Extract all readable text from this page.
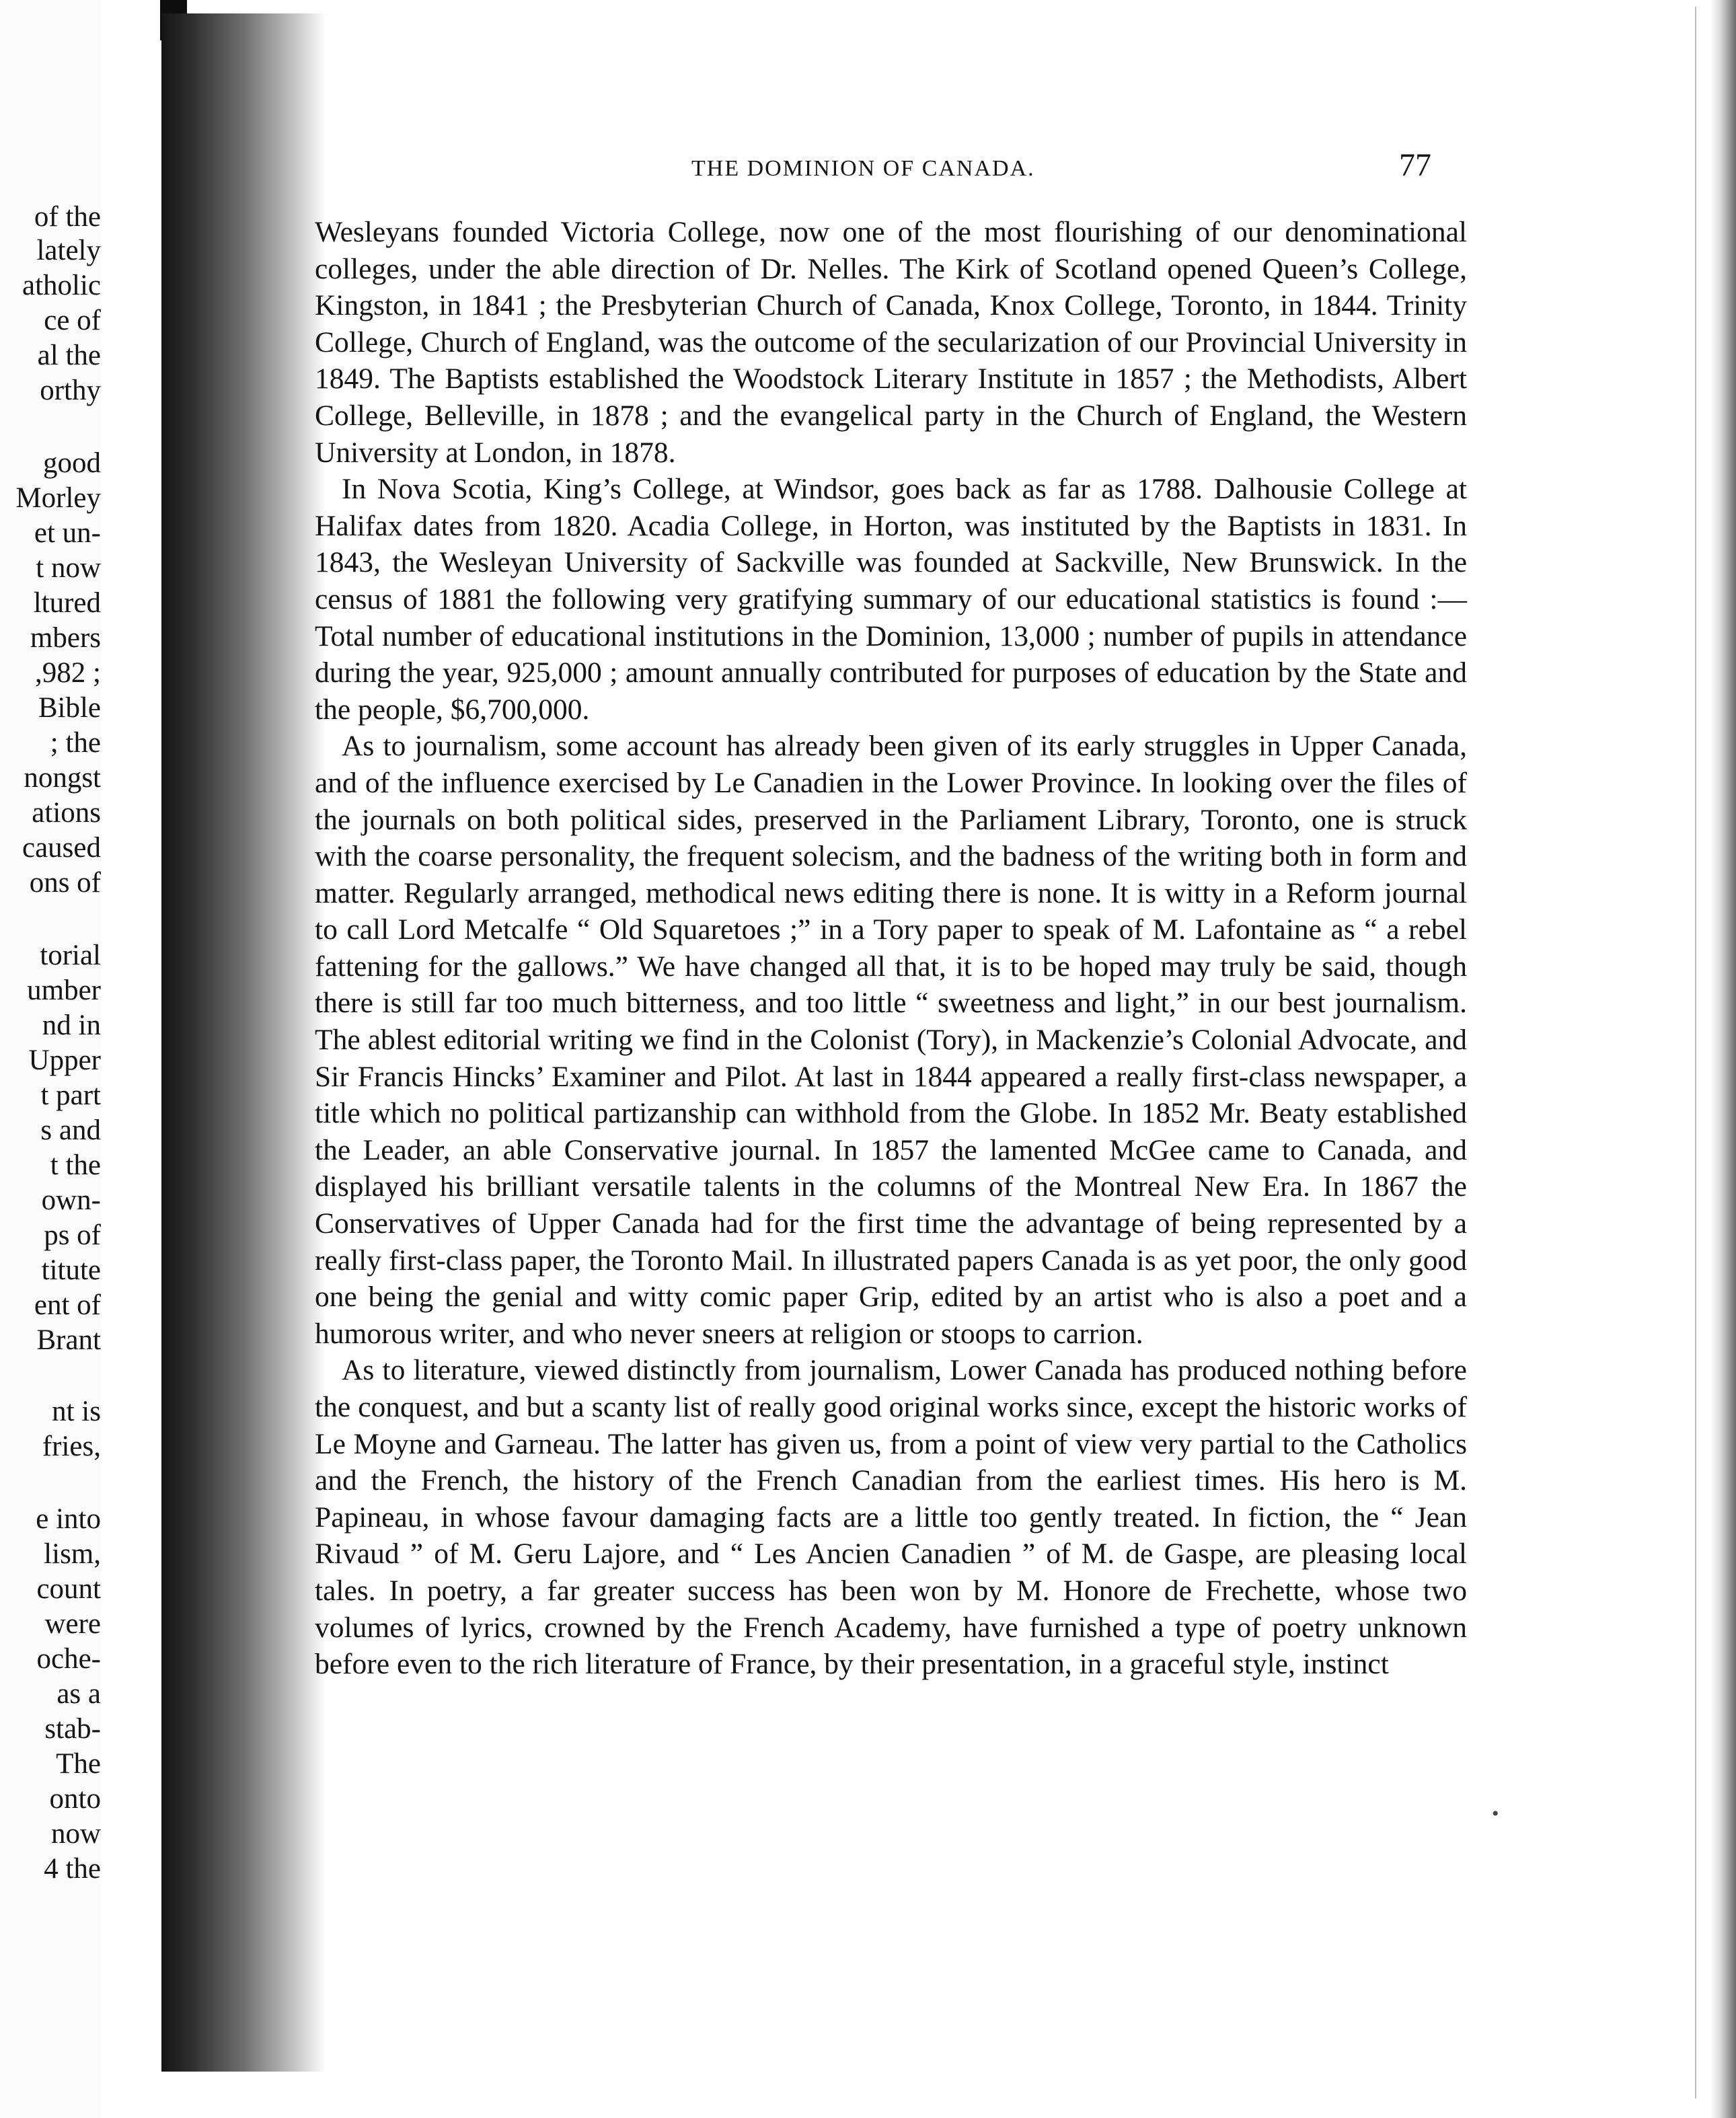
of the
lately
atholic
ce of
al the
orthy
good
Morley
et un-
t now
ltured
mbers
,982 ;
Bible
; the
nongst
ations
caused
ons of
torial
umber
nd in
Upper
t part
s and
t the
own-
ps of
titute
ent of
Brant
nt is
fries,
e into
lism,
count
were
oche-
as a
stab-
The
onto
now
4 the
THE DOMINION OF CANADA.	77

Wesleyans founded Victoria College, now one of the most flourishing of our denominational colleges, under the able direction of Dr. Nelles. The Kirk of Scotland opened Queen’s College, Kingston, in 1841 ; the Presbyterian Church of Canada, Knox College, Toronto, in 1844. Trinity College, Church of England, was the outcome of the secularization of our Provincial University in 1849. The Baptists established the Woodstock Literary Institute in 1857 ; the Methodists, Albert College, Belleville, in 1878 ; and the evangelical party in the Church of England, the Western University at London, in 1878.

In Nova Scotia, King’s College, at Windsor, goes back as far as 1788. Dalhousie College at Halifax dates from 1820. Acadia College, in Horton, was instituted by the Baptists in 1831. In 1843, the Wesleyan University of Sackville was founded at Sackville, New Brunswick. In the census of 1881 the following very gratifying summary of our educational statistics is found :— Total number of educational institutions in the Dominion, 13,000 ; number of pupils in attendance during the year, 925,000 ; amount annually contributed for purposes of education by the State and the people, $6,700,000.

As to journalism, some account has already been given of its early struggles in Upper Canada, and of the influence exercised by Le Canadien in the Lower Province. In looking over the files of the journals on both political sides, preserved in the Parliament Library, Toronto, one is struck with the coarse personality, the frequent solecism, and the badness of the writing both in form and matter. Regularly arranged, methodical news editing there is none. It is witty in a Reform journal to call Lord Metcalfe “ Old Squaretoes ;” in a Tory paper to speak of M. Lafontaine as “ a rebel fattening for the gallows.” We have changed all that, it is to be hoped may truly be said, though there is still far too much bitterness, and too little “ sweetness and light,” in our best journalism. The ablest editorial writing we find in the Colonist (Tory), in Mackenzie’s Colonial Advocate, and Sir Francis Hincks’ Examiner and Pilot. At last in 1844 appeared a really first-class newspaper, a title which no political partizanship can withhold from the Globe. In 1852 Mr. Beaty established the Leader, an able Conservative journal. In 1857 the lamented McGee came to Canada, and displayed his brilliant versatile talents in the columns of the Montreal New Era. In 1867 the Conservatives of Upper Canada had for the first time the advantage of being represented by a really first-class paper, the Toronto Mail. In illustrated papers Canada is as yet poor, the only good one being the genial and witty comic paper Grip, edited by an artist who is also a poet and a humorous writer, and who never sneers at religion or stoops to carrion.

As to literature, viewed distinctly from journalism, Lower Canada has produced nothing before the conquest, and but a scanty list of really good original works since, except the historic works of Le Moyne and Garneau. The latter has given us, from a point of view very partial to the Catholics and the French, the history of the French Canadian from the earliest times. His hero is M. Papineau, in whose favour damaging facts are a little too gently treated. In fiction, the “ Jean Rivaud ” of M. Geru Lajore, and “ Les Ancien Canadien ” of M. de Gaspe, are pleasing local tales. In poetry, a far greater success has been won by M. Honore de Frechette, whose two volumes of lyrics, crowned by the French Academy, have furnished a type of poetry unknown before even to the rich literature of France, by their presentation, in a graceful style, instinct

•
